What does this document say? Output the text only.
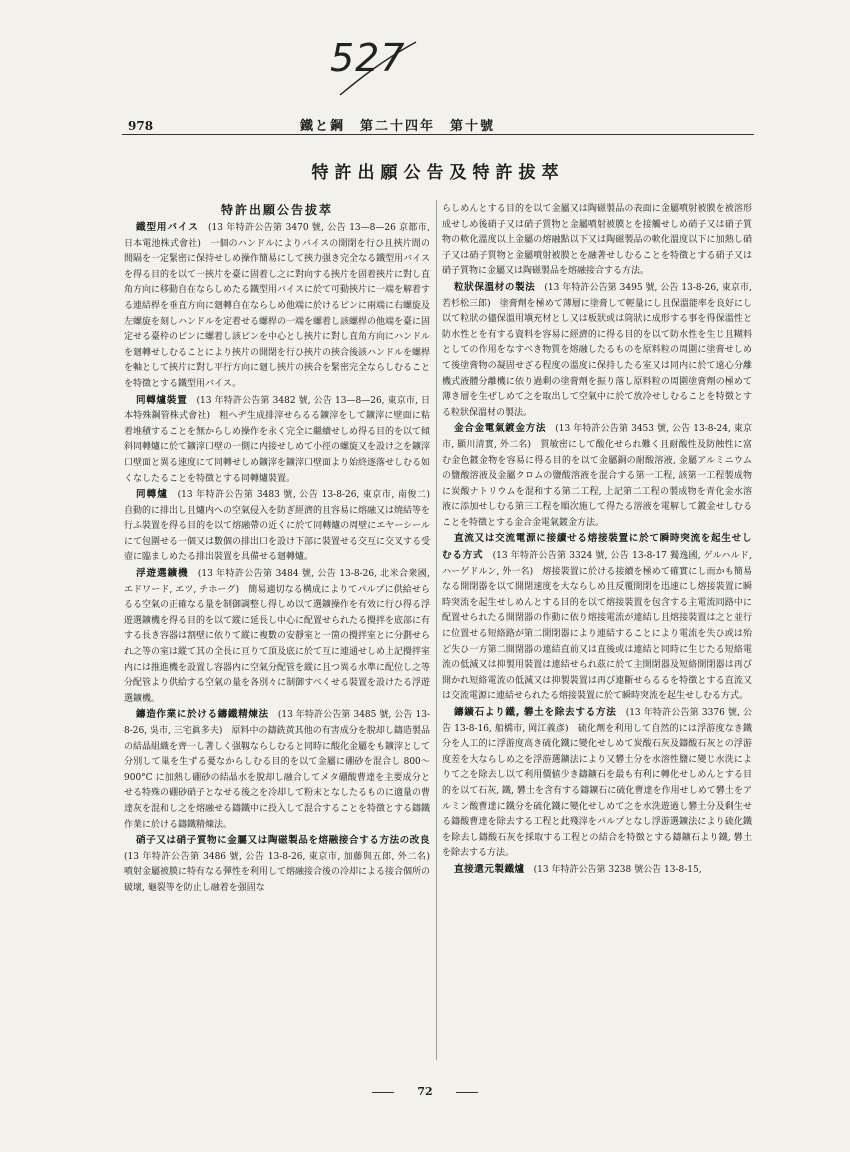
527
978	鐵と鋼　第二十四年　第十號
特許出願公告及特許拔萃
特許出願公告拔萃

鐵型用バイス　 (13 年特許公告第 3470 號, 公告 13—8—26 京都市, 日本電池株式會社)　 一個のハンドルによりバイスの開閉を行ひ且挾片間の間隔を一定緊密に保持せしめ操作簡易にして挾力强き完全なる鐵型用バイスを得る目的を以て一挾片を臺に固着し之に對向する挾片を固着挾片に對し直角方向に移動自在ならしめたる鐵型用バイスに於て可動挾片に一端を解着する連結桿を垂直方向に廻轉自在ならしめ他端に於けるピンに兩端に右螺旋及左螺旋を刻しハンドルを定着せる螺桿の一端を螺着し該螺桿の他端を臺に固定せる臺枠のピンに螺着し該ピンを中心とし挾片に對し直角方向にハンドルを廻轉せしむることにより挾片の開閉を行ひ挾片の挾合後該ハンドルを螺桿を軸として挾片に對し平行方向に廻し挾片の挾合を緊密完全ならしむることを特徴とする鐵型用バイス。

同轉爐裝置　 (13 年特許公告第 3482 號, 公告 13—8—26, 東京市, 日本特殊鋼管株式會社)　 粗ヘヂ生成排滓せらるる鑛滓をして鑛滓に壁面に粘着堆積することを無からしめ操作を永く完全に繼續せしめ得る目的を以て傾斜同轉爐に於て鑛滓口壁の一側に内接せしめて小徑の螺旋又を設け之を鑛滓口壁面と異る速度にて同轉せしめ鑛滓を鑛滓口壁面より始終逐落せしむる如くなしたることを特徴とする同轉爐裝置。

同轉爐　 (13 年特許公告第 3483 號, 公告 13-8-26, 東京市, 南俊二)　自動的に排出し且爐内への空氣侵入を防ぎ經濟的且容易に熔融又は燒結等を行ふ裝置を得る目的を以て熔融帶の近くに於て同轉爐の周壁にエヤーシールにて包圍せる一個又は數個の排出口を設け下部に裝置せる交互に交叉する受壺に臨ましめたる排出裝置を具備せる廻轉爐。

浮遊選鑛機　 (13 年特許公告第 3484 號, 公告 13-8-26, 北米合衆國, エドワード, エツ, チホーグ)　 簡易適切なる構成によりてパルプに供給せらるる空氣の正確なる量を制御調整し得しめ以て選鑛操作を有效に行ひ得る浮遊選鑛機を得る目的を以て縱に延長し中心に配置せられたる攪拌を底部に有する長き容器は割壁に依りて縱に複數の安靜室と一箇の攪拌室とに分劃せられ之等の室は縱て其の全長に亘りて頂及底に於て互に連通せしめ上記攪拌室内には推進機を設置し容器内に空氣分配管を縱に且つ異る水準に配位し之等分配管より供給する空氣の量を各別々に制御すべくせる裝置を設けたる浮遊選鑛機。

鑄造作業に於ける鑄鐵精煉法　 (13 年特許公告第 3485 號, 公告 13-8-26, 吳市, 三宅眞多夫)　 原料中の鑄銑黄其他の有害成分を脫却し鑄造製品の結晶組織を齊一し著しく强靱ならしむると同時に酸化金屬をも鑛滓として分別して巢を生ずる憂なからしむる目的を以て金屬に硼砂を混合し 800～900°C に加熱し硼砂の結晶水を脫却し融合してメタ硼酸曹達を主要成分とせる特殊の硼砂硝子となせる後之を冷却して粉末となしたるものに適量の曹達灰を混和し之を熔融せる鑄鐵中に投入して混合することを特徴とする鑄鐵作業に於ける鑄鐵精煉法。

硝子又は硝子質物に金屬又は陶磁製品を熔融接合する方法の改良　(13 年特許公告第 3486 號, 公告 13-8-26, 東京市, 加藤與五郎, 外二名)　噴射金屬被膜に特有なる彈性を利用して熔融接合後の冷却による接合個所の破壞, 龜裂等を防止し融着を强固な

らしめんとする目的を以て金屬又は陶磁製品の表面に金屬噴射被膜を被溶形成せしめ後硝子又は硝子質物と金屬噴射被膜とを接觸せしめ硝子又は硝子質物の軟化溫度以上金屬の熔融點以下又は陶磁製品の軟化溫度以下に加熱し硝子又は硝子質物と金屬噴射被膜とを融著せしむることを特徴とする硝子又は硝子質物に金屬又は陶磁製品を熔融接合する方法。

粒狀保溫材の製法　 (13 年特許公告第 3495 號, 公告 13-8-26, 東京市, 若杉松三郎)　 塗膏劑を極めて薄層に塗膏して輕量にし且保溫能率を良好にし以て粒狀の儘保溫用塡充材とし又は板狀或は筒狀に成形する事を得保溫性と防水性とを有する資料を容易に經濟的に得る目的を以て防水性を生じ且糊料としての作用をなすべき物質を熔融したるものを原料粒の周圍に塗膏せしめて後塗膏物の凝固せざる程度の溫度に保持したる室又は同内に於て遠心分離機式液體分離機に依り過剩の塗膏劑を振り落し原料粒の周圍塗膏劑の極めて薄き層を生ぜしめて之を取出して空氣中に於て放冷せしむることを特徴とする粒狀保溫材の製法。

金合金電氣鍍金方法　 (13 年特許公告第 3453 號, 公告 13-8-24, 東京市, 顯川清實, 外二名)　 質敏密にして酸化せられ難く且耐酸性及防蝕性に富む金色鍍金物を容易に得る目的を以て金屬銅の耐酸溶液, 金屬アルミニウムの鹽酸溶液及金屬クロムの鹽酸溶液を混合する第一工程, 該第一工程製成物に炭酸ナトリウムを混和する第二工程, 上記第二工程の製成物を青化金水溶液に添加せしむる第三工程を順次施して得たる溶液を電解して鍍金せしむることを特徴とする金合金電氣鍍金方法。

直流又は交流電源に接續せる熔接裝置に於て瞬時突流を起生せしむる方式　 (13 年特許公告第 3324 號, 公告 13-8-17 獨逸國, ゲルハルド, ハーゲドルン, 外一名)　 熔接裝置に於ける接續を極めて確實にし而かも簡易なる開閉器を以て開閉速度を大ならしめ且反覆開閉を迅速にし熔接裝置に瞬時突流を起生せしめんとする目的を以て熔接裝置を包含する主電流同路中に配置せられたる開閉器の作動に依り熔接電流が連結し且熔接裝置は之と並行に位置せる短絡路が第二開閉器により連結することにより電流を失ひ或は殆ど失ひ一方第二開閉器の連結直前又は直後或は連結と同時に生じたる短絡電流の低減又は抑製用裝置は連結せられ茲に於て主開閉器及短絡開閉器は再び開かれ短絡電流の低減又は抑製裝置は再び連斷せらるるを特徴とする直流又は交流電源に連結せられたる熔接裝置に於て瞬時突流を起生せしむる方式。

鑄鑛石より鐵, 礬土を除去する方法　 (13 年特許公告第 3376 號, 公告 13-8-16, 船橋市, 岡江義彥)　 硫化劑を利用して自然的には浮游度なき鐵分を人工的に浮游度高き硫化鐵に變化せしめて炭酸石灰及鑄酸石灰との浮游度差を大ならしめ之を浮游選鑛法により又礬土分を水溶性鹽に變じ水洗によりて之を除去し以て利用價値少き鑄鑛石を最も有利に轉化せしめんとする目的を以て石灰, 鐵, 礬土を含有する鑄鑛石に硫化曹達を作用せしめて礬土をアルミン酸曹達に鐵分を硫化鐵に變化せしめて之を水洗遊過し礬土分及剩生せる鑄酸曹達を除去する工程と此殘滓をパルプとなし浮游選鑛法により硫化鐵を除去し鑄酸石灰を採取する工程との結合を特徴とする鑄鑛石より鐵, 礬土を除去する方法。

直接還元製鐵爐　 (13 年特許公告第 3238 號公告 13-8-15,　

72
